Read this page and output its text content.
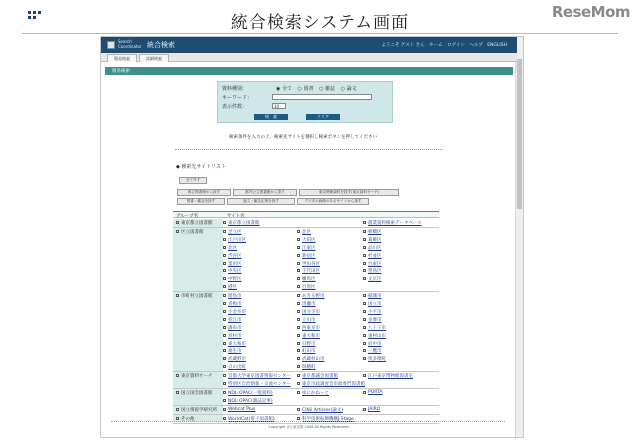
統合検索システム画面
ReseMom
Search
Coordinator 統合検索	ようこそ ゲスト さん ホーム ログイン ヘルプ ENGLISH
簡易検索	詳細検索
簡易検索
資料種別：	◉ 全て ○ 図書 ○ 雑誌 ○ 論文
キーワード：
表示件数：	10
検　索	クリア
検索条件を入力の上、検索先サイトを選択し検索ボタンを押してください
◆ 検索先サイトリスト
全て外す
都立図書館から探す	都内公立図書館から探す	東京関係資料を探す(東京資料サーチ)
図書・雑誌を探す	論文・雑誌記事を探す	デジタル画像のあるサイトから探す
グループ名	サイト名
東京都立図書館	東京都立図書館	農業資料検索データベース
区立図書館	足立区	北区	板橋区
江戸川区	大田区	葛飾区
北区	江東区	品川区
渋谷区	新宿区	杉並区
墨田区	世田谷区	台東区
中央区	千代田区	豊島区
中野区	練馬区	文京区
港区	目黒区
市町村立図書館	昭島市	あきる野市	稲城市
青梅市	清瀬市	国立市
小金井市	国分寺市	小平市
狛江市	立川市	多摩市
調布市	西東京市	八王子市
羽村市	東大和市	東村山市
東大和市	日野市	府中市
福生市	町田市	三鷹市
武蔵野市	武蔵村山市	奥多摩町
日の出町	瑞穂町
東京資料サーチ	首都大学東京図書情報センター 東京都議会図書館	江戸東京博物館図書室
特別区自治情報・交流センター 東京市政調査会市政専門図書館
国立国会図書館	NDL-OPAC(一般資料)	ゆにかねっと	PORTA
NDL-OPAC(雑誌記事)
国立情報学研究所 Webcat Plus	CiNii Articles(論文)	JAIRO
その他	WorldCat(電子図書館)	科学技術振興機構J-Stage
Copyright (C) 東京都 2008 All Rights Reserved.
